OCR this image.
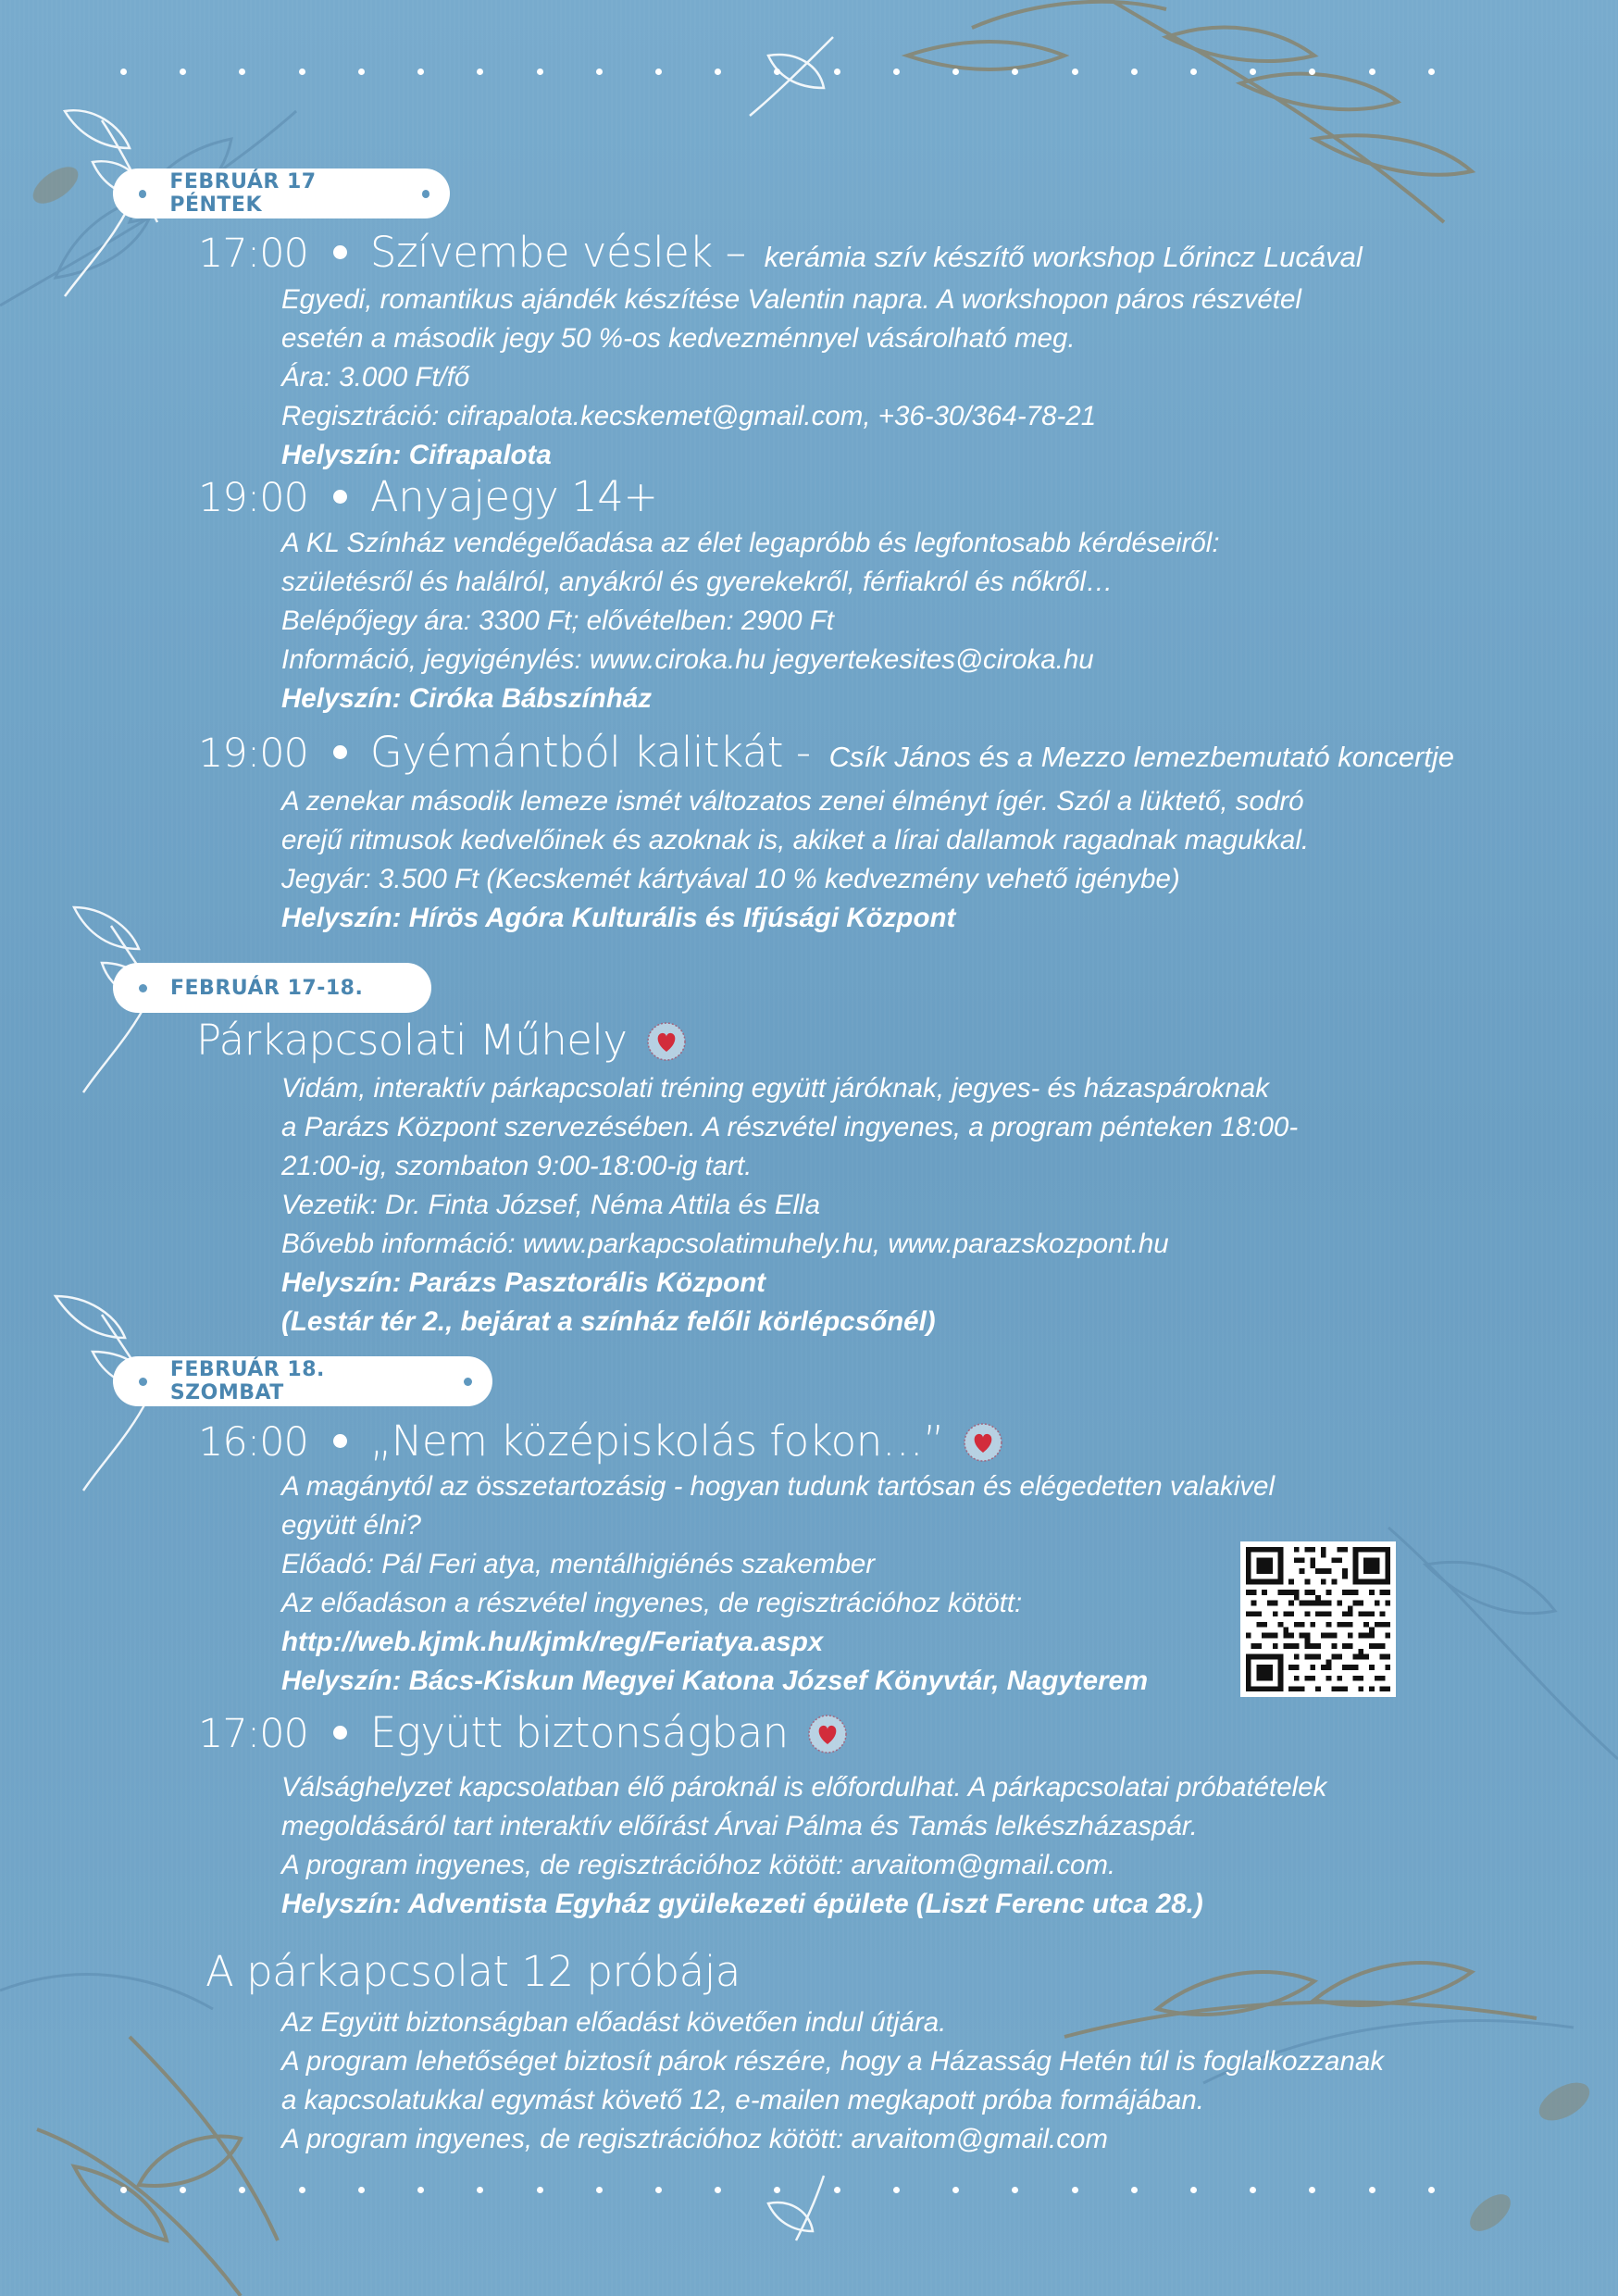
FEBRUÁR 17 PÉNTEK
17:00 Szívembe véslek – kerámia szív készítő workshop Lőrincz Lucával
Egyedi, romantikus ajándék készítése Valentin napra. A workshopon páros részvétel
esetén a második jegy 50 %-os kedvezménnyel vásárolható meg.
Ára: 3.000 Ft/fő
Regisztráció: cifrapalota.kecskemet@gmail.com, +36-30/364-78-21
Helyszín: Cifrapalota
19:00 Anyajegy 14+
A KL Színház vendégelőadása az élet legapróbb és legfontosabb kérdéseiről:
születésről és halálról, anyákról és gyerekekről, férfiakról és nőkről…
Belépőjegy ára: 3300 Ft; elővételben: 2900 Ft
Információ, jegyigénylés: www.ciroka.hu jegyertekesites@ciroka.hu
Helyszín: Ciróka Bábszínház
19:00 Gyémántból kalitkát - Csík János és a Mezzo lemezbemutató koncertje
A zenekar második lemeze ismét változatos zenei élményt ígér. Szól a lüktető, sodró
erejű ritmusok kedvelőinek és azoknak is, akiket a lírai dallamok ragadnak magukkal.
Jegyár: 3.500 Ft (Kecskemét kártyával 10 % kedvezmény vehető igénybe)
Helyszín: Hírös Agóra Kulturális és Ifjúsági Központ
FEBRUÁR 17-18.
Párkapcsolati Műhely
Vidám, interaktív párkapcsolati tréning együtt járóknak, jegyes- és házaspároknak
a Parázs Központ szervezésében. A részvétel ingyenes, a program pénteken 18:00-
21:00-ig, szombaton 9:00-18:00-ig tart.
Vezetik: Dr. Finta József, Néma Attila és Ella
Bővebb információ: www.parkapcsolatimuhely.hu, www.parazskozpont.hu
Helyszín: Parázs Pasztorális Központ
(Lestár tér 2., bejárat a színház felőli körlépcsőnél)
FEBRUÁR 18. SZOMBAT
16:00 „Nem középiskolás fokon…”
A magánytól az összetartozásig - hogyan tudunk tartósan és elégedetten valakivel
együtt élni?
Előadó: Pál Feri atya, mentálhigiénés szakember
Az előadáson a részvétel ingyenes, de regisztrációhoz kötött:
http://web.kjmk.hu/kjmk/reg/Feriatya.aspx
Helyszín: Bács-Kiskun Megyei Katona József Könyvtár, Nagyterem
17:00 Együtt biztonságban
Válsághelyzet kapcsolatban élő pároknál is előfordulhat. A párkapcsolatai próbatételek
megoldásáról tart interaktív előírást Árvai Pálma és Tamás lelkészházaspár.
A program ingyenes, de regisztrációhoz kötött: arvaitom@gmail.com.
Helyszín: Adventista Egyház gyülekezeti épülete (Liszt Ferenc utca 28.)
A párkapcsolat 12 próbája
Az Együtt biztonságban előadást követően indul útjára.
A program lehetőséget biztosít párok részére, hogy a Házasság Hetén túl is foglalkozzanak
a kapcsolatukkal egymást követő 12, e-mailen megkapott próba formájában.
A program ingyenes, de regisztrációhoz kötött: arvaitom@gmail.com
